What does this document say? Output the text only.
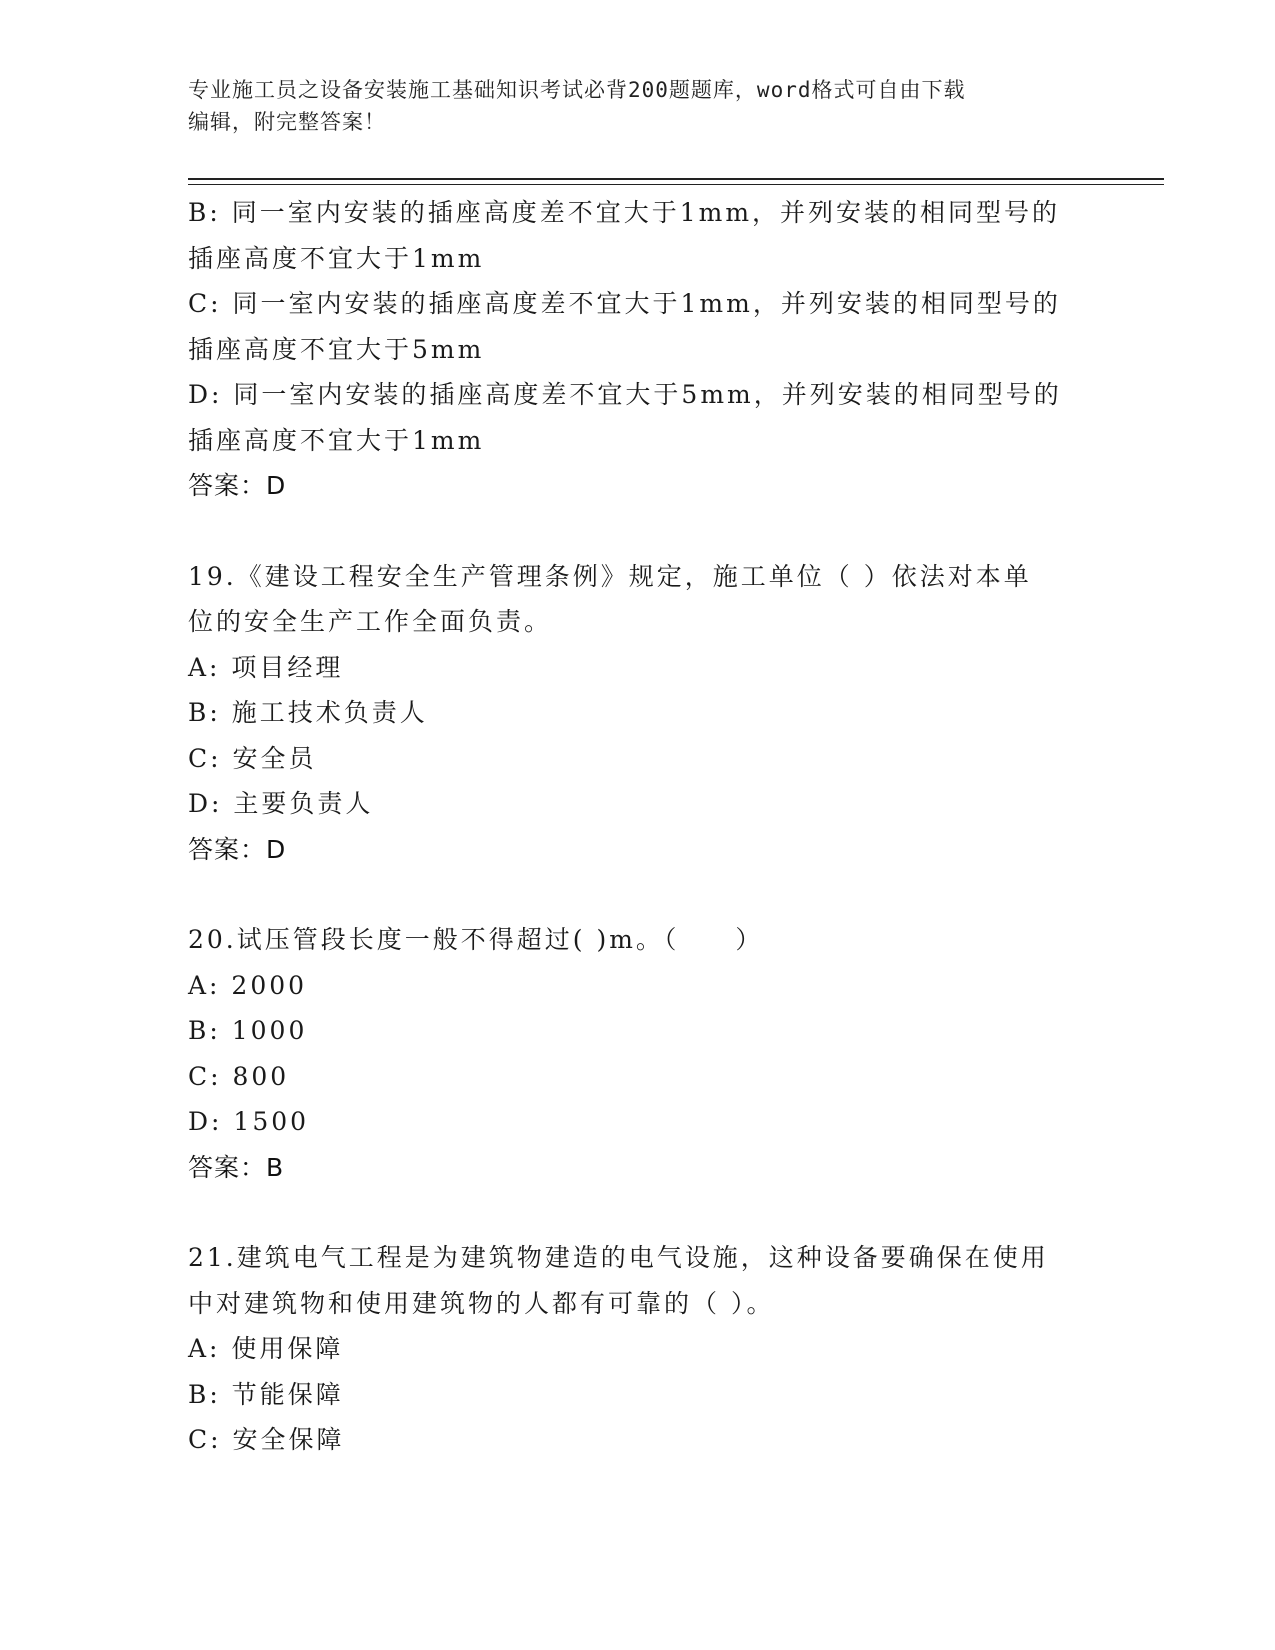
专业施工员之设备安装施工基础知识考试必背200题题库，word格式可自由下载
编辑，附完整答案！
B: 同一室内安装的插座高度差不宜大于1mm，并列安装的相同型号的
插座高度不宜大于1mm
C: 同一室内安装的插座高度差不宜大于1mm，并列安装的相同型号的
插座高度不宜大于5mm
D: 同一室内安装的插座高度差不宜大于5mm，并列安装的相同型号的
插座高度不宜大于1mm
答案：D
19.《建设工程安全生产管理条例》规定，施工单位（ ）依法对本单
位的安全生产工作全面负责。
A: 项目经理
B: 施工技术负责人
C: 安全员
D: 主要负责人
答案：D
20.试压管段长度一般不得超过( )m。（　　）
A: 2000
B: 1000
C: 800
D: 1500
答案：B
21.建筑电气工程是为建筑物建造的电气设施，这种设备要确保在使用
中对建筑物和使用建筑物的人都有可靠的（ ）。
A: 使用保障
B: 节能保障
C: 安全保障
